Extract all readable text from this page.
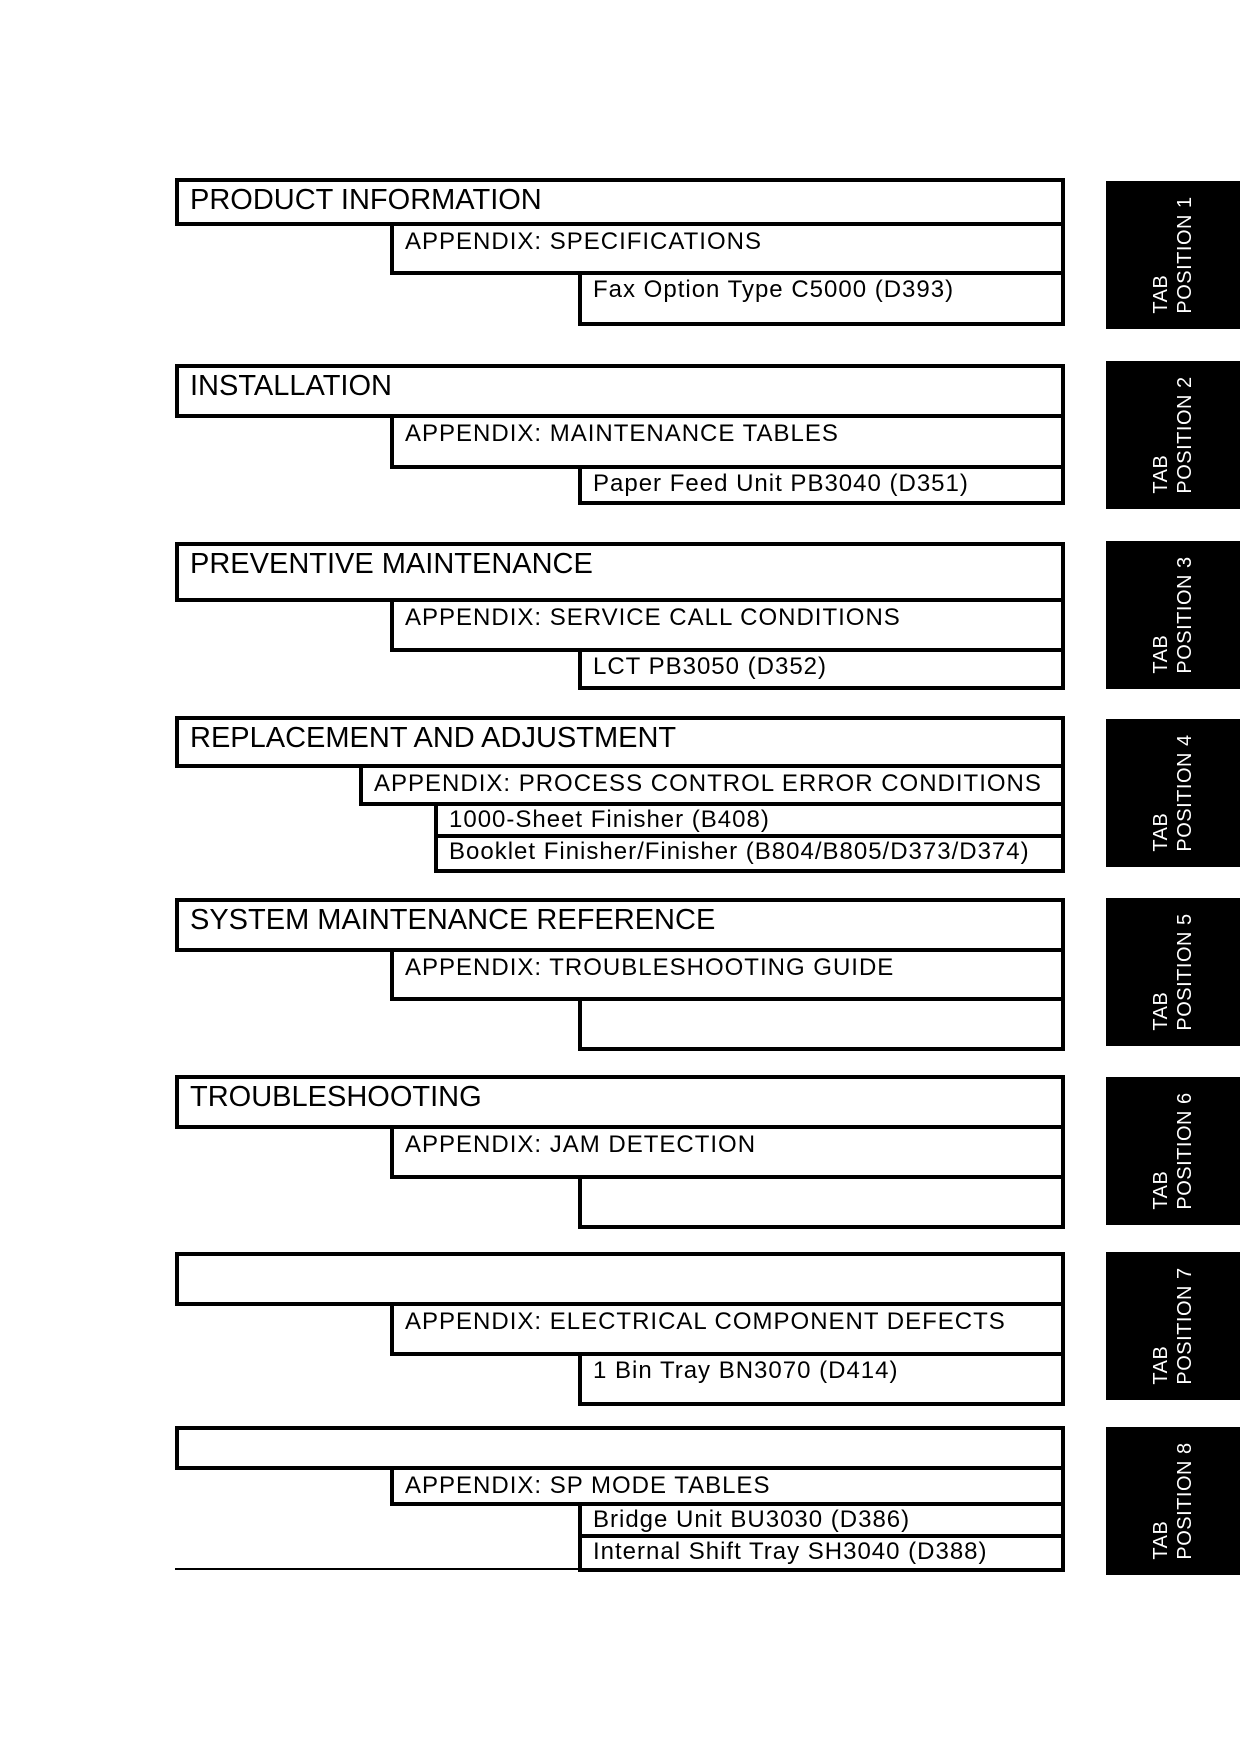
PRODUCT INFORMATION
APPENDIX: SPECIFICATIONS
Fax Option Type C5000 (D393)	TAB POSITION 1
INSTALLATION
APPENDIX: MAINTENANCE TABLES
Paper Feed Unit PB3040 (D351)	TAB POSITION 2
PREVENTIVE MAINTENANCE
APPENDIX: SERVICE CALL CONDITIONS
LCT PB3050 (D352)	TAB POSITION 3
REPLACEMENT AND ADJUSTMENT
APPENDIX: PROCESS CONTROL ERROR CONDITIONS
1000-Sheet Finisher (B408)
Booklet Finisher/Finisher (B804/B805/D373/D374)	TAB POSITION 4
SYSTEM MAINTENANCE REFERENCE
APPENDIX: TROUBLESHOOTING GUIDE
TAB POSITION 5
TROUBLESHOOTING
APPENDIX: JAM DETECTION
TAB POSITION 6
APPENDIX: ELECTRICAL COMPONENT DEFECTS
1 Bin Tray BN3070 (D414)	TAB POSITION 7
APPENDIX: SP MODE TABLES
Bridge Unit BU3030 (D386)
Internal Shift Tray SH3040 (D388)	TAB POSITION 8
